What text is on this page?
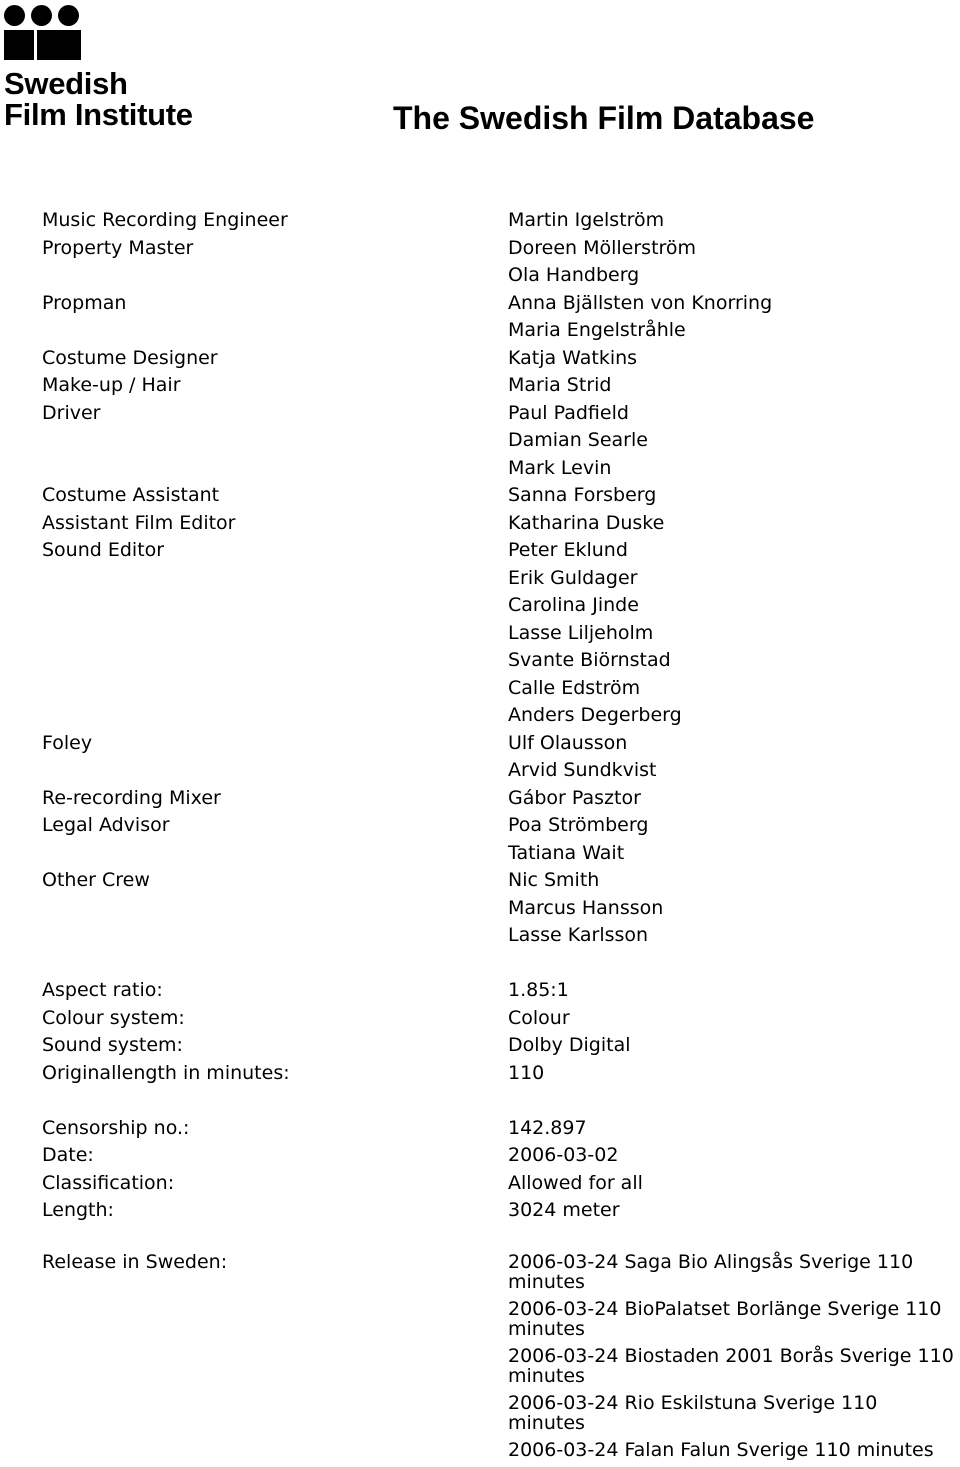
Swedish
Film Institute	The Swedish Film Database
Music Recording Engineer	Martin Igelström
Property Master	Doreen Möllerström
Ola Handberg
Propman	Anna Bjällsten von Knorring
Maria Engelstråhle
Costume Designer	Katja Watkins
Make-up / Hair	Maria Strid
Driver	Paul Padfield
Damian Searle
Mark Levin
Costume Assistant	Sanna Forsberg
Assistant Film Editor	Katharina Duske
Sound Editor	Peter Eklund
Erik Guldager
Carolina Jinde
Lasse Liljeholm
Svante Biörnstad
Calle Edström
Anders Degerberg
Foley	Ulf Olausson
Arvid Sundkvist
Re-recording Mixer	Gábor Pasztor
Legal Advisor	Poa Strömberg
Tatiana Wait
Other Crew	Nic Smith
Marcus Hansson
Lasse Karlsson
Aspect ratio:	1.85:1
Colour system:	Colour
Sound system:	Dolby Digital
Originallength in minutes:	110
Censorship no.:	142.897
Date:	2006-03-02
Classification:	Allowed for all
Length:	3024 meter
Release in Sweden:	2006-03-24 Saga Bio Alingsås Sverige 110 minutes
2006-03-24 BioPalatset Borlänge Sverige 110 minutes
2006-03-24 Biostaden 2001 Borås Sverige 110 minutes
2006-03-24 Rio Eskilstuna Sverige 110 minutes
2006-03-24 Falan Falun Sverige 110 minutes
